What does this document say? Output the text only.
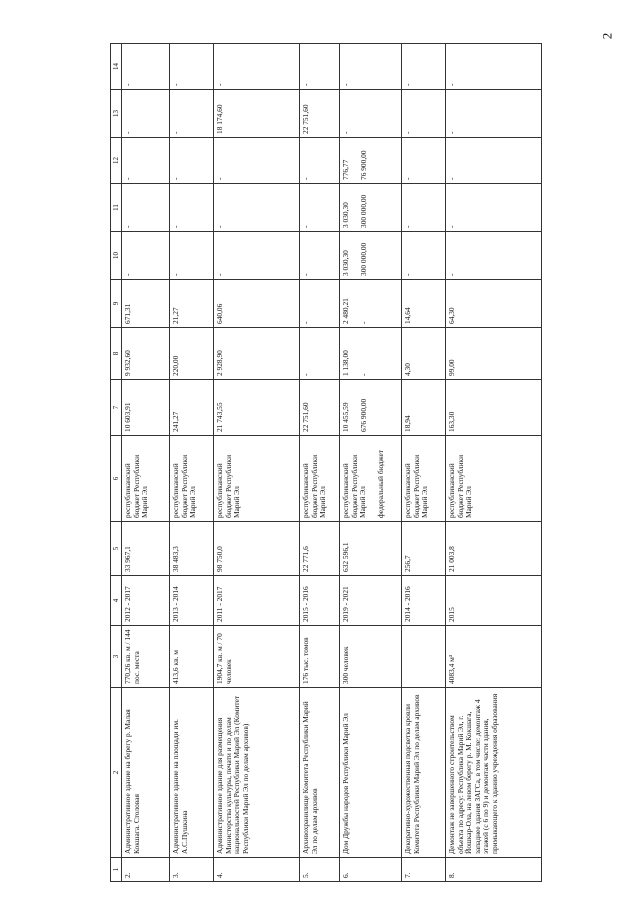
2
1	2	3	4	5	6	7	8	9	10	11	12	13	14
2.	Административное здание на берегу р. Малая Кокшага. Столовая	770,26 кв. м / 144 пос. места	2012 - 2017	33 967,1	республиканский бюджет Республики Марий Эл	10 603,91	9 932,60	671,31	-	-	-	-	-

3.	Административное здание на площади им. А.С.Пушкина	413,6 кв. м	2013 - 2014	38 483,3	республиканский бюджет Республики Марий Эл	241,27	220,00	21,27	-	-	-	-	-

4.	Административное здание для размещения Министерства культуры, печати и по делам национальностей Республики Марий Эл (Комитет Республики Марий Эл по делам архивов)	1904,7 кв. м / 70 человек	2011 - 2017	98 750,0	республиканский бюджет Республики Марий Эл	21 743,55	2 928,90	640,06	-	-	-	18 174,60	-

5.	Архивохранилище Комитета Республики Марий Эл по делам архивов	176 тыс. томов	2015 - 2016	22 771,6	республиканский бюджет Республики Марий Эл	22 751,60	-	-	-	-	-	22 751,60	-

6.	Дом Дружбы народов Республики Марий Эл	300 человек	2019 - 2021	632 596,1	республиканский бюджет Республики Марий Эл федеральный бюджет	10 455,59 676 900,00	1 138,00 -	2 480,21 -	3 030,30 300 000,00	3 030,30 300 000,00	776,77 76 900,00	-	-

7.	Декоративно-художественная подсветка кровли Комитета Республики Марий Эл по делам архивов		2014 - 2016	256,7	республиканский бюджет Республики Марий Эл	18,94	4,30	14,64	-	-	-	-	-

8.	Демонтаж не завершенного строительством объекта по адресу: Республика Марий Эл, г. Йошкар-Ола, на левом берегу р. М. Кокшага, западнее здания ЗАГСа, в том числе: демонтаж 4 этажей (с 6 по 9) и демонтаж части здания, примыкающего к зданию учреждения образования	4083,4 м³	2015	21 003,8	республиканский бюджет Республики Марий Эл	163,30	99,00	64,30	-	-	-	-	-
